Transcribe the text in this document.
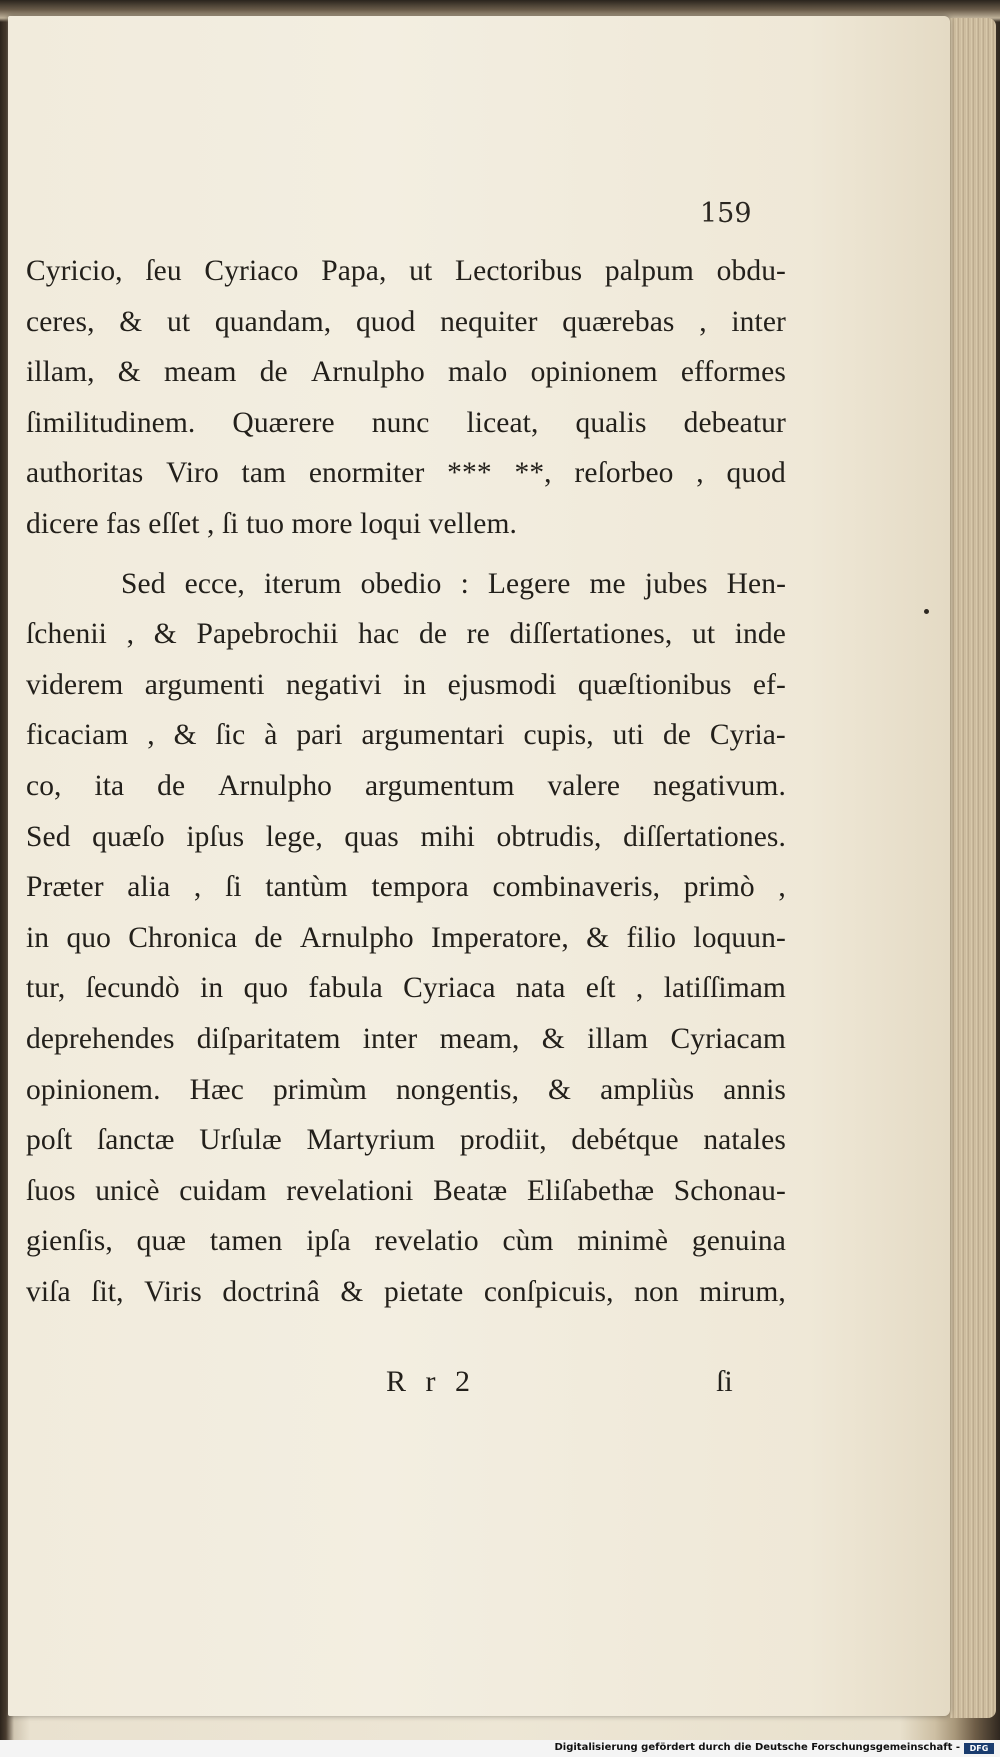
159
Cyricio, ſeu Cyriaco Papa, ut Lectoribus palpum obdu-
ceres, & ut quandam, quod nequiter quærebas , inter
illam, & meam de Arnulpho malo opinionem efformes
ſimilitudinem. Quærere nunc liceat, qualis debeatur
authoritas Viro tam enormiter *** **, reſorbeo , quod
dicere fas eſſet , ſi tuo more loqui vellem.
Sed ecce, iterum obedio : Legere me jubes Hen-
ſchenii , & Papebrochii hac de re diſſertationes, ut inde
viderem argumenti negativi in ejusmodi quæſtionibus ef-
ficaciam , & ſic à pari argumentari cupis, uti de Cyria-
co, ita de Arnulpho argumentum valere negativum.
Sed quæſo ipſus lege, quas mihi obtrudis, diſſertationes.
Præter alia , ſi tantùm tempora combinaveris, primò ,
in quo Chronica de Arnulpho Imperatore, & filio loquun-
tur, ſecundò in quo fabula Cyriaca nata eſt , latiſſimam
deprehendes diſparitatem inter meam, & illam Cyriacam
opinionem. Hæc primùm nongentis, & ampliùs annis
poſt ſanctæ Urſulæ Martyrium prodiit, debétque natales
ſuos unicè cuidam revelationi Beatæ Eliſabethæ Schonau-
gienſis, quæ tamen ipſa revelatio cùm minimè genuina
viſa ſit, Viris doctrinâ & pietate conſpicuis, non mirum,
R r 2	ſi
Digitalisierung gefördert durch die Deutsche Forschungsgemeinschaft -	DFG
